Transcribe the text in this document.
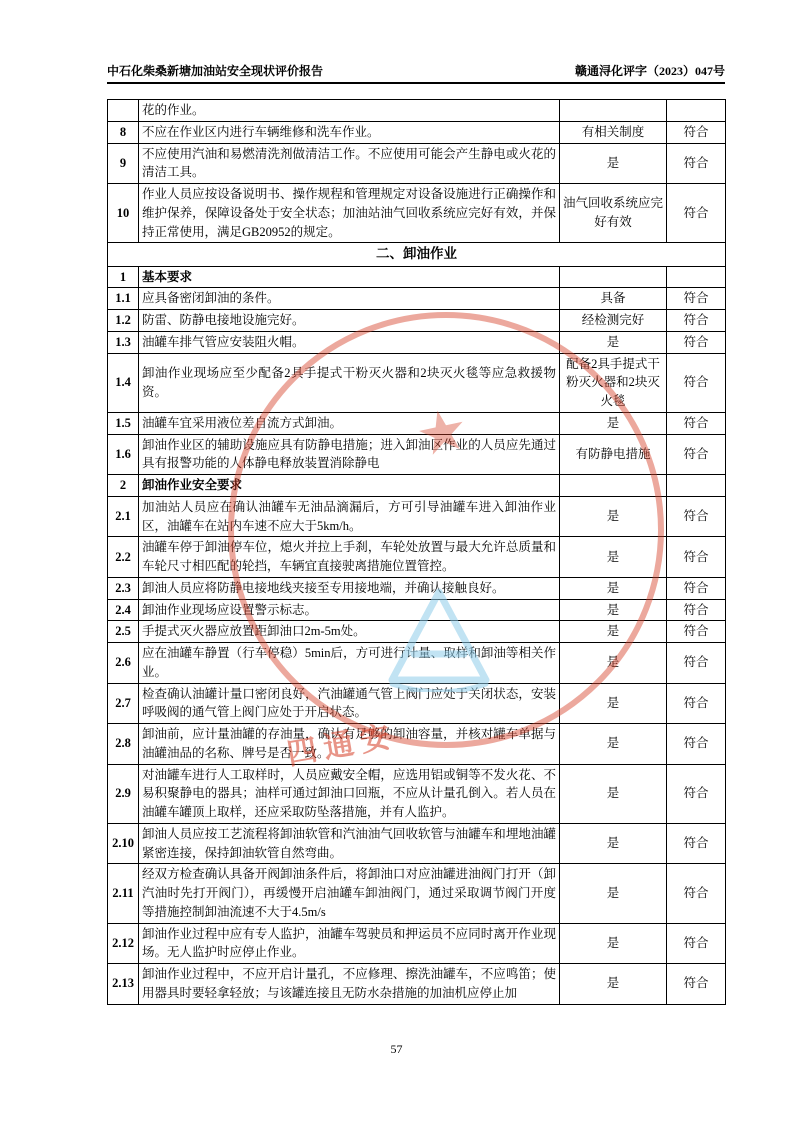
中石化柴桑新塘加油站安全现状评价报告	赣通浔化评字（2023）047号
	花的作业。		
8	不应在作业区内进行车辆维修和洗车作业。	有相关制度	符合
9	不应使用汽油和易燃清洗剂做清洁工作。不应使用可能会产生静电或火花的清洁工具。	是	符合
10	作业人员应按设备说明书、操作规程和管理规定对设备设施进行正确操作和维护保养，保障设备处于安全状态；加油站油气回收系统应完好有效，并保持正常使用，满足GB20952的规定。	油气回收系统应完好有效	符合
二、卸油作业			
1	基本要求		
1.1	应具备密闭卸油的条件。	具备	符合
1.2	防雷、防静电接地设施完好。	经检测完好	符合
1.3	油罐车排气管应安装阻火帽。	是	符合
1.4	卸油作业现场应至少配备2具手提式干粉灭火器和2块灭火毯等应急救援物资。	配备2具手提式干粉灭火器和2块灭火毯	符合
1.5	油罐车宜采用液位差自流方式卸油。	是	符合
1.6	卸油作业区的辅助设施应具有防静电措施；进入卸油区作业的人员应先通过具有报警功能的人体静电释放装置消除静电	有防静电措施	符合
2	卸油作业安全要求		
2.1	加油站人员应在确认油罐车无油品滴漏后，方可引导油罐车进入卸油作业区，油罐车在站内车速不应大于5km/h。	是	符合
2.2	油罐车停于卸油停车位，熄火并拉上手刹，车轮处放置与最大允许总质量和车轮尺寸相匹配的轮挡，车辆宜直接驶离措施位置管控。	是	符合
2.3	卸油人员应将防静电接地线夹接至专用接地端，并确认接触良好。	是	符合
2.4	卸油作业现场应设置警示标志。	是	符合
2.5	手提式灭火器应放置距卸油口2m-5m处。	是	符合
2.6	应在油罐车静置（行车停稳）5min后，方可进行计量、取样和卸油等相关作业。	是	符合
2.7	检查确认油罐计量口密闭良好，汽油罐通气管上阀门应处于关闭状态，安装呼吸阀的通气管上阀门应处于开启状态。	是	符合
2.8	卸油前，应计量油罐的存油量，确认有足够的卸油容量，并核对罐车单据与油罐油品的名称、牌号是否一致。	是	符合
2.9	对油罐车进行人工取样时，人员应戴安全帽，应选用铝或铜等不发火花、不易积聚静电的器具；油样可通过卸油口回瓶，不应从计量孔倒入。若人员在油罐车罐顶上取样，还应采取防坠落措施，并有人监护。	是	符合
2.10	卸油人员应按工艺流程将卸油软管和汽油油气回收软管与油罐车和埋地油罐紧密连接，保持卸油软管自然弯曲。	是	符合
2.11	经双方检查确认具备开阀卸油条件后，将卸油口对应油罐进油阀门打开（卸汽油时先打开阀门），再缓慢开启油罐车卸油阀门，通过采取调节阀门开度等措施控制卸油流速不大于4.5m/s	是	符合
2.12	卸油作业过程中应有专人监护，油罐车驾驶员和押运员不应同时离开作业现场。无人监护时应停止作业。	是	符合
2.13	卸油作业过程中，不应开启计量孔，不应修理、擦洗油罐车，不应鸣笛；使用器具时要轻拿轻放；与该罐连接且无防水杂措施的加油机应停止加	是	符合
★
四通安
57
